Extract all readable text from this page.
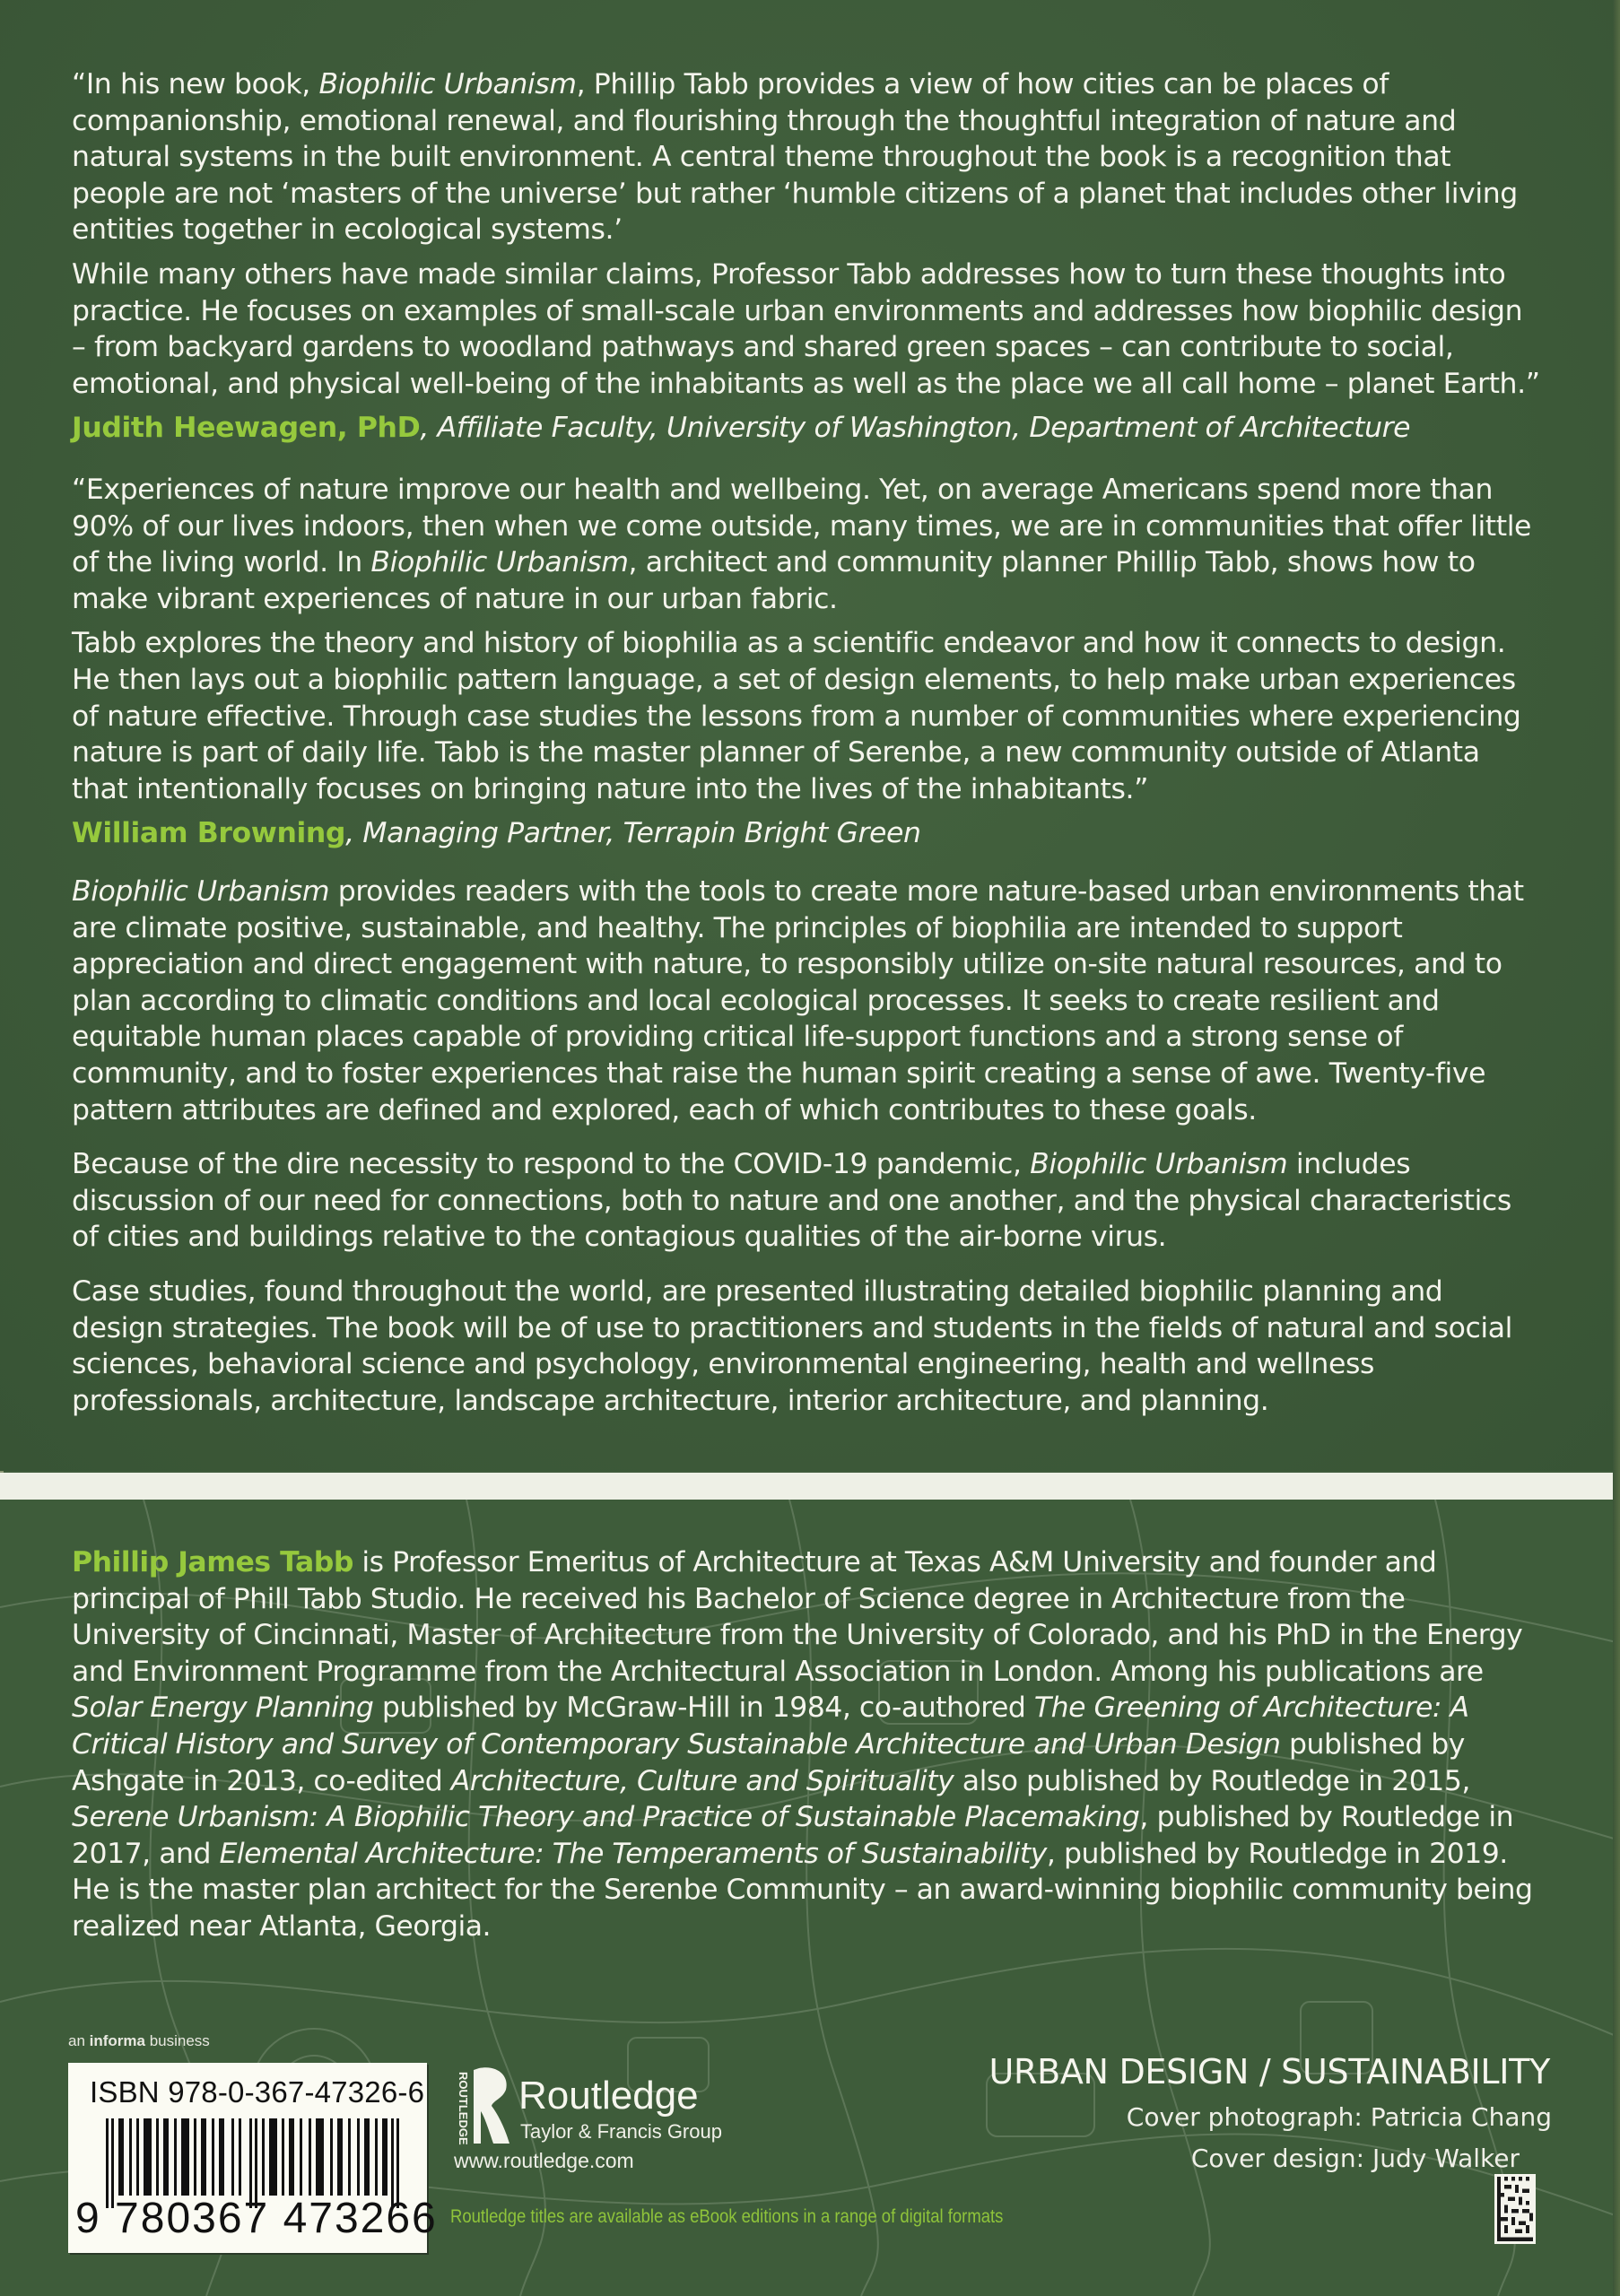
“In his new book, Biophilic Urbanism, Phillip Tabb provides a view of how cities can be places of companionship, emotional renewal, and flourishing through the thoughtful integration of nature and natural systems in the built environment. A central theme throughout the book is a recognition that people are not ‘masters of the universe’ but rather ‘humble citizens of a planet that includes other living entities together in ecological systems.’

While many others have made similar claims, Professor Tabb addresses how to turn these thoughts into practice. He focuses on examples of small-scale urban environments and addresses how biophilic design – from backyard gardens to woodland pathways and shared green spaces – can contribute to social, emotional, and physical well-being of the inhabitants as well as the place we all call home – planet Earth.”

Judith Heewagen, PhD, Affiliate Faculty, University of Washington, Department of Architecture

“Experiences of nature improve our health and wellbeing. Yet, on average Americans spend more than 90% of our lives indoors, then when we come outside, many times, we are in communities that offer little of the living world. In Biophilic Urbanism, architect and community planner Phillip Tabb, shows how to make vibrant experiences of nature in our urban fabric.

Tabb explores the theory and history of biophilia as a scientific endeavor and how it connects to design. He then lays out a biophilic pattern language, a set of design elements, to help make urban experiences of nature effective. Through case studies the lessons from a number of communities where experiencing nature is part of daily life. Tabb is the master planner of Serenbe, a new community outside of Atlanta that intentionally focuses on bringing nature into the lives of the inhabitants.”

William Browning, Managing Partner, Terrapin Bright Green

Biophilic Urbanism provides readers with the tools to create more nature-based urban environments that are climate positive, sustainable, and healthy. The principles of biophilia are intended to support appreciation and direct engagement with nature, to responsibly utilize on-site natural resources, and to plan according to climatic conditions and local ecological processes. It seeks to create resilient and equitable human places capable of providing critical life-support functions and a strong sense of community, and to foster experiences that raise the human spirit creating a sense of awe. Twenty-five pattern attributes are defined and explored, each of which contributes to these goals.

Because of the dire necessity to respond to the COVID-19 pandemic, Biophilic Urbanism includes discussion of our need for connections, both to nature and one another, and the physical characteristics of cities and buildings relative to the contagious qualities of the air-borne virus.

Case studies, found throughout the world, are presented illustrating detailed biophilic planning and design strategies. The book will be of use to practitioners and students in the fields of natural and social sciences, behavioral science and psychology, environmental engineering, health and wellness professionals, architecture, landscape architecture, interior architecture, and planning.

Phillip James Tabb is Professor Emeritus of Architecture at Texas A&M University and founder and principal of Phill Tabb Studio. He received his Bachelor of Science degree in Architecture from the University of Cincinnati, Master of Architecture from the University of Colorado, and his PhD in the Energy and Environment Programme from the Architectural Association in London. Among his publications are Solar Energy Planning published by McGraw-Hill in 1984, co-authored The Greening of Architecture: A Critical History and Survey of Contemporary Sustainable Architecture and Urban Design published by Ashgate in 2013, co-edited Architecture, Culture and Spirituality also published by Routledge in 2015, Serene Urbanism: A Biophilic Theory and Practice of Sustainable Placemaking, published by Routledge in 2017, and Elemental Architecture: The Temperaments of Sustainability, published by Routledge in 2019. He is the master plan architect for the Serenbe Community – an award-winning biophilic community being realized near Atlanta, Georgia.

an informa business
ISBN 978-0-367-47326-6
9 780367 473266
ROUTLEDGE Routledge
Taylor & Francis Group
www.routledge.com
Routledge titles are available as eBook editions in a range of digital formats
URBAN DESIGN / SUSTAINABILITY
Cover photograph: Patricia Chang
Cover design: Judy Walker
